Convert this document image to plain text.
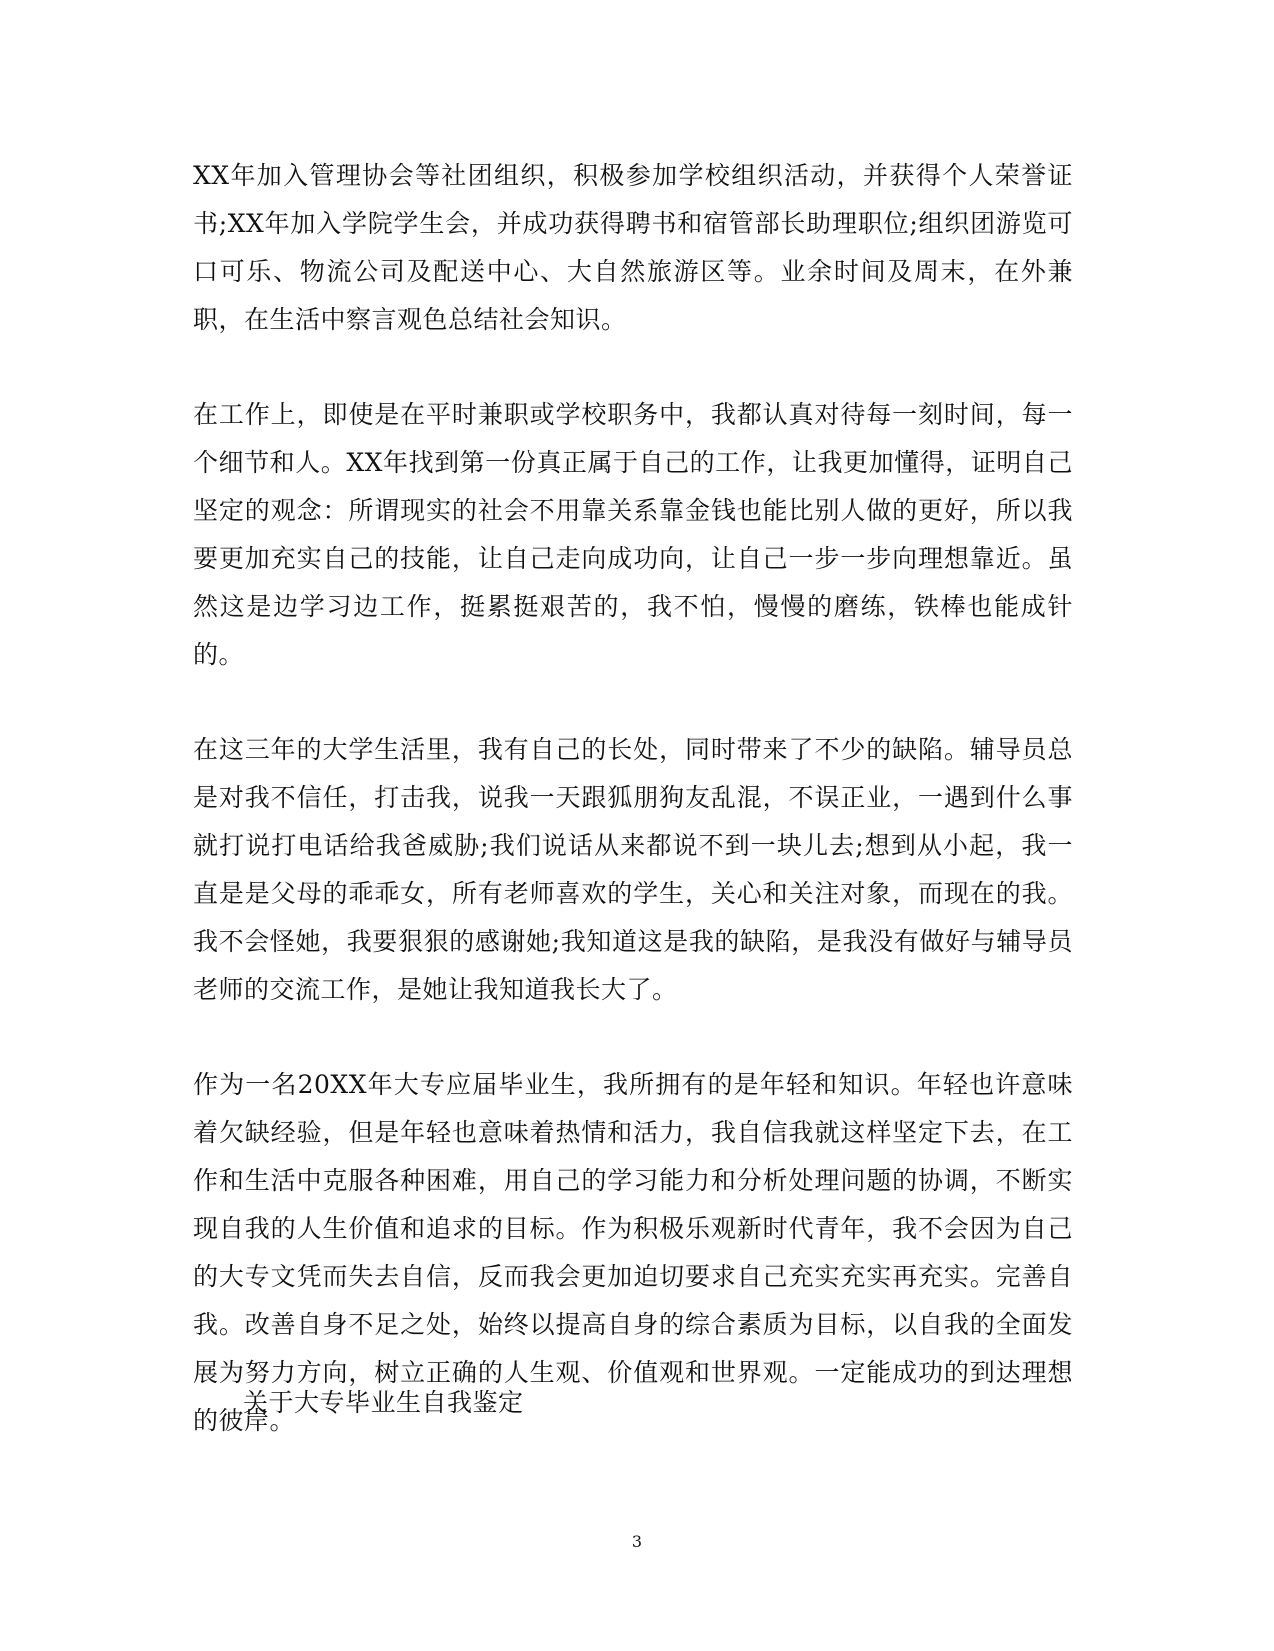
XX年加入管理协会等社团组织，积极参加学校组织活动，并获得个人荣誉证书;XX年加入学院学生会，并成功获得聘书和宿管部长助理职位;组织团游览可口可乐、物流公司及配送中心、大自然旅游区等。业余时间及周末，在外兼职，在生活中察言观色总结社会知识。

在工作上，即使是在平时兼职或学校职务中，我都认真对待每一刻时间，每一个细节和人。XX年找到第一份真正属于自己的工作，让我更加懂得，证明自己坚定的观念：所谓现实的社会不用靠关系靠金钱也能比别人做的更好，所以我要更加充实自己的技能，让自己走向成功向，让自己一步一步向理想靠近。虽然这是边学习边工作，挺累挺艰苦的，我不怕，慢慢的磨练，铁棒也能成针的。

在这三年的大学生活里，我有自己的长处，同时带来了不少的缺陷。辅导员总是对我不信任，打击我，说我一天跟狐朋狗友乱混，不误正业，一遇到什么事就打说打电话给我爸威胁;我们说话从来都说不到一块儿去;想到从小起，我一直是是父母的乖乖女，所有老师喜欢的学生，关心和关注对象，而现在的我。我不会怪她，我要狠狠的感谢她;我知道这是我的缺陷，是我没有做好与辅导员老师的交流工作，是她让我知道我长大了。

作为一名20XX年大专应届毕业生，我所拥有的是年轻和知识。年轻也许意味着欠缺经验，但是年轻也意味着热情和活力，我自信我就这样坚定下去，在工作和生活中克服各种困难，用自己的学习能力和分析处理问题的协调，不断实现自我的人生价值和追求的目标。作为积极乐观新时代青年，我不会因为自己的大专文凭而失去自信，反而我会更加迫切要求自己充实充实再充实。完善自我。改善自身不足之处，始终以提高自身的综合素质为目标，以自我的全面发展为努力方向，树立正确的人生观、价值观和世界观。一定能成功的到达理想的彼岸。

关于大专毕业生自我鉴定
3
